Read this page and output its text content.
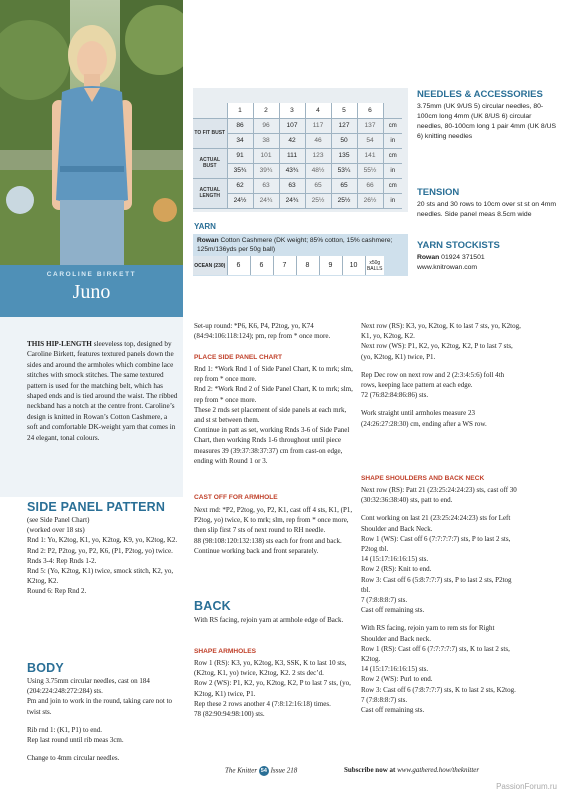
CAROLINE BIRKETT
Juno
THIS HIP-LENGTH sleeveless top, designed by Caroline Birkett, features textured panels down the sides and around the armholes which combine lace stitches with smock stitches. The same textured pattern is used for the matching belt, which has shaped ends and is tied around the waist. The ribbed neckband has a notch at the centre front. Caroline’s design is knitted in Rowan’s Cotton Cashmere, a soft and comfortable DK-weight yarn that comes in 24 elegant, tonal colours.
SIDE PANEL PATTERN

(see Side Panel Chart)

(worked over 18 sts)

Rnd 1: Yo, K2tog, K1, yo, K2tog, K9, yo, K2tog, K2.

Rnd 2: P2, P2tog, yo, P2, K6, (P1, P2tog, yo) twice.

Rnds 3-4: Rep Rnds 1-2.

Rnd 5: (Yo, K2tog, K1) twice, smock stitch, K2, yo, K2tog, K2.

Round 6: Rep Rnd 2.

BODY

Using 3.75mm circular needles, cast on 184 (204:224:248:272:284) sts.

Pm and join to work in the round, taking care not to twist sts.

Rib rnd 1: (K1, P1) to end.

Rep last round until rib meas 3cm.

Change to 4mm circular needles.

	1	2	3	4	5	6	
TO FIT BUST	86	96	107	117	127	137	cm
	34	38	42	46	50	54	in
ACTUAL BUST	91	101	111	123	135	141	cm
	35¾	39¾	43¾	48½	53¼	55½	in
ACTUAL LENGTH	62	63	63	65	65	66	cm
	24½	24¾	24¾	25½	25½	26½	in
YARN
Rowan Cotton Cashmere (DK weight; 85% cotton, 15% cashmere; 125m/136yds per 50g ball)
OCEAN (230)	6	6	7	8	9	10	x50g BALLS
NEEDLES & ACCESSORIES
3.75mm (UK 9/US 5) circular needles, 80-100cm long 4mm (UK 8/US 6) circular needles, 80-100cm long 1 pair 4mm (UK 8/US 6) knitting needles
TENSION
20 sts and 30 rows to 10cm over st st on 4mm needles. Side panel meas 8.5cm wide
YARN STOCKISTS
Rowan 01924 371501
www.knitrowan.com
Set-up round: *P6, K6, P4, P2tog, yo, K74 (84:94:106:118:124); pm, rep from * once more.
PLACE SIDE PANEL CHART

Rnd 1: *Work Rnd 1 of Side Panel Chart, K to mrk; slm, rep from * once more.

Rnd 2: *Work Rnd 2 of Side Panel Chart, K to mrk; slm, rep from * once more.

These 2 rnds set placement of side panels at each mrk, and st st between them.

Continue in patt as set, working Rnds 3-6 of Side Panel Chart, then working Rnds 1-6 throughout until piece measures 39 (39:37:38:37:37) cm from cast-on edge, ending with Round 1 or 3.

CAST OFF FOR ARMHOLE

Next rnd: *P2, P2tog, yo, P2, K1, cast off 4 sts, K1, (P1, P2tog, yo) twice, K to mrk; slm, rep from * once more, then slip first 7 sts of next round to RH needle.

88 (98:108:120:132:138) sts each for front and back.

Continue working back and front separately.

BACK
With RS facing, rejoin yarn at armhole edge of Back.
SHAPE ARMHOLES

Row 1 (RS): K3, yo, K2tog, K3, SSK, K to last 10 sts, (K2tog, K1, yo) twice, K2tog, K2. 2 sts dec’d.

Row 2 (WS): P1, K2, yo, K2tog, K2, P to last 7 sts, (yo, K2tog, K1) twice, P1.

Rep these 2 rows another 4 (7:8:12:16:18) times.

78 (82:90:94:98:100) sts.

Next row (RS): K3, yo, K2tog, K to last 7 sts, yo, K2tog, K1, yo, K2tog, K2.

Next row (WS): P1, K2, yo, K2tog, K2, P to last 7 sts, (yo, K2tog, K1) twice, P1.

Rep Dec row on next row and 2 (2:3:4:5:6) foll 4th rows, keeping lace pattern at each edge.

72 (76:82:84:86:86) sts.

Work straight until armholes measure 23 (24:26:27:28:30) cm, ending after a WS row.

SHAPE SHOULDERS AND BACK NECK

Next row (RS): Patt 21 (23:25:24:24:23) sts, cast off 30 (30:32:36:38:40) sts, patt to end.

Cont working on last 21 (23:25:24:24:23) sts for Left Shoulder and Back Neck.

Row 1 (WS): Cast off 6 (7:7:7:7:7) sts, P to last 2 sts, P2tog tbl.

14 (15:17:16:16:15) sts.

Row 2 (RS): Knit to end.

Row 3: Cast off 6 (5:8:7:7:7) sts, P to last 2 sts, P2tog tbl.

7 (7:8:8:8:7) sts.

Cast off remaining sts.

With RS facing, rejoin yarn to rem sts for Right Shoulder and Back neck.

Row 1 (RS): Cast off 6 (7:7:7:7:7) sts, K to last 2 sts, K2tog.

14 (15:17:16:16:15) sts.

Row 2 (WS): Purl to end.

Row 3: Cast off 6 (7:8:7:7:7) sts, K to last 2 sts, K2tog.

7 (7:8:8:8:7) sts.

Cast off remaining sts.

The Knitter 54 Issue 218	Subscribe now at www.gathered.how/theknitter
PassionForum.ru
